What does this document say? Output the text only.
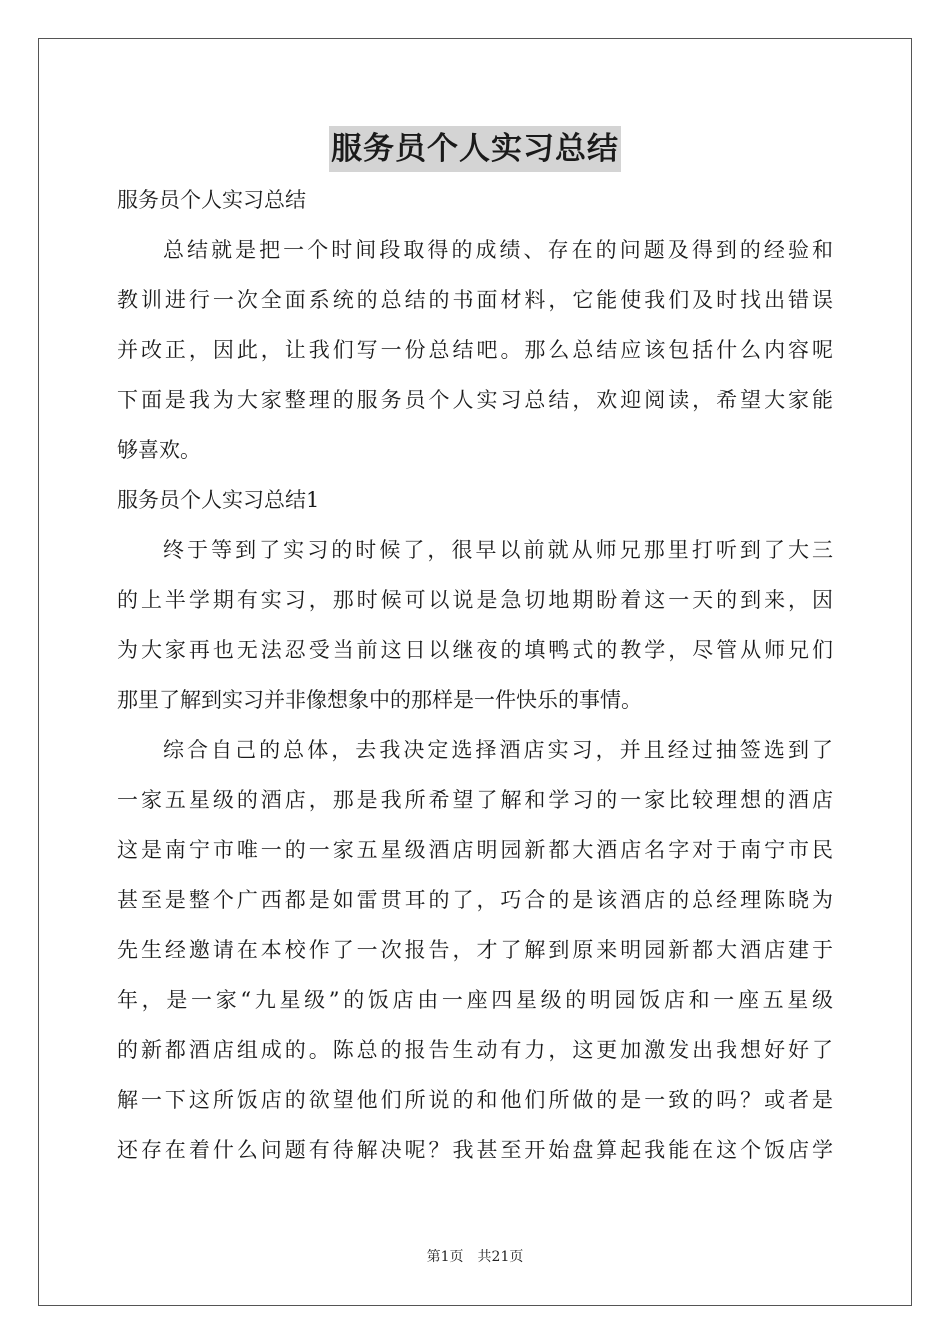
服务员个人实习总结
服务员个人实习总结
总结就是把一个时间段取得的成绩、存在的问题及得到的经验和
教训进行一次全面系统的总结的书面材料，它能使我们及时找出错误
并改正，因此，让我们写一份总结吧。那么总结应该包括什么内容呢
下面是我为大家整理的服务员个人实习总结，欢迎阅读，希望大家能
够喜欢。
服务员个人实习总结1
终于等到了实习的时候了，很早以前就从师兄那里打听到了大三
的上半学期有实习，那时候可以说是急切地期盼着这一天的到来，因
为大家再也无法忍受当前这日以继夜的填鸭式的教学，尽管从师兄们
那里了解到实习并非像想象中的那样是一件快乐的事情。
综合自己的总体，去我决定选择酒店实习，并且经过抽签选到了
一家五星级的酒店，那是我所希望了解和学习的一家比较理想的酒店
这是南宁市唯一的一家五星级酒店明园新都大酒店名字对于南宁市民
甚至是整个广西都是如雷贯耳的了，巧合的是该酒店的总经理陈晓为
先生经邀请在本校作了一次报告，才了解到原来明园新都大酒店建于
年，是一家“九星级”的饭店由一座四星级的明园饭店和一座五星级
的新都酒店组成的。陈总的报告生动有力，这更加激发出我想好好了
解一下这所饭店的欲望他们所说的和他们所做的是一致的吗？或者是
还存在着什么问题有待解决呢？我甚至开始盘算起我能在这个饭店学
第1页 共21页
